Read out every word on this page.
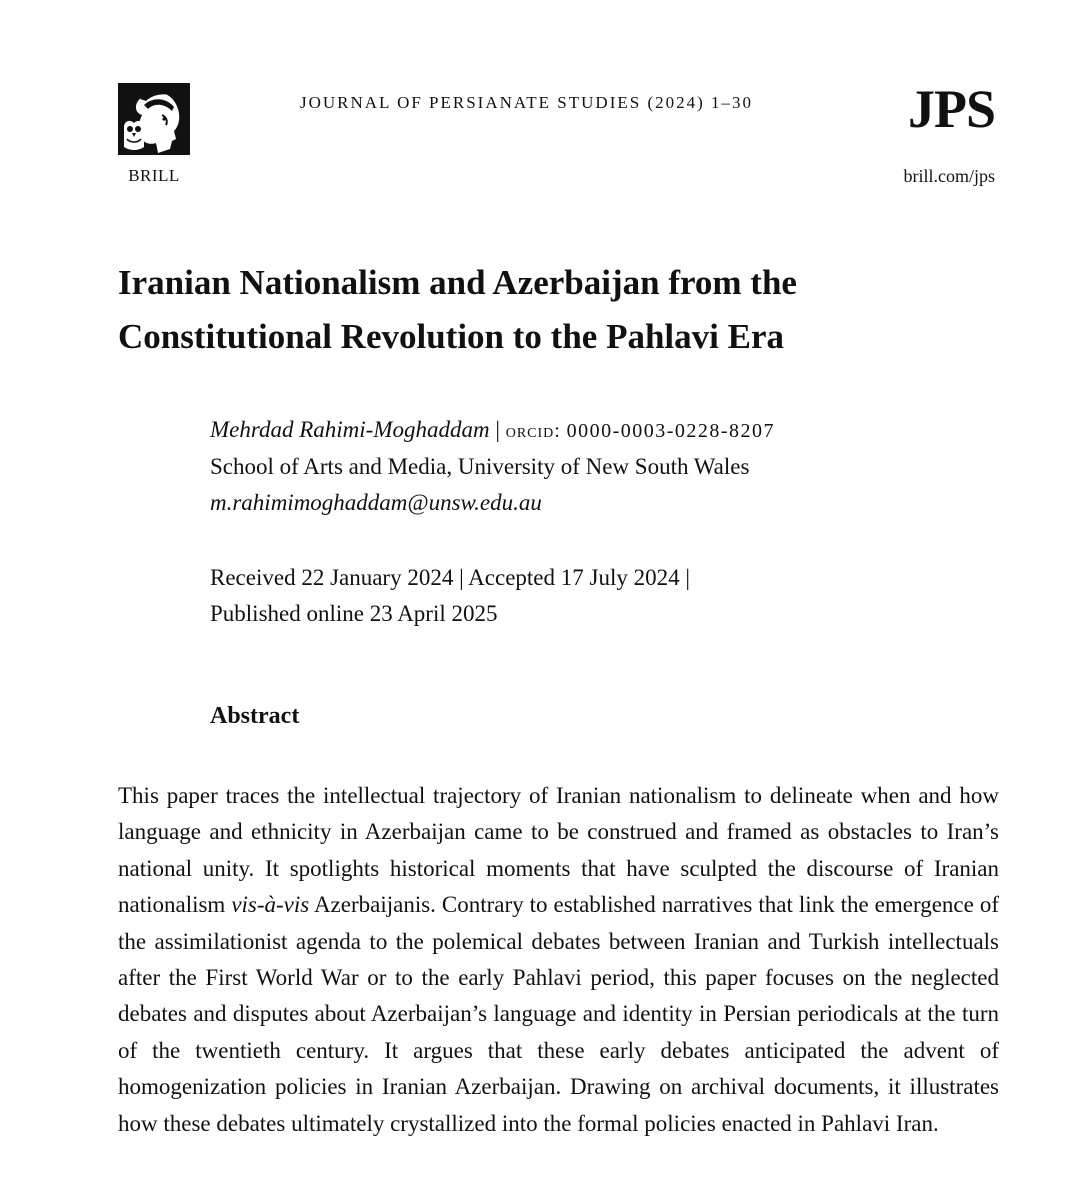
BRILL
JOURNAL OF PERSIANATE STUDIES (2024) 1–30	JPS
brill.com/jps
Iranian Nationalism and Azerbaijan from the
Constitutional Revolution to the Pahlavi Era
Mehrdad Rahimi-Moghaddam | orcid: 0000-0003-0228-8207
School of Arts and Media, University of New South Wales
m.rahimimoghaddam@unsw.edu.au
Received 22 January 2024 | Accepted 17 July 2024 |
Published online 23 April 2025
Abstract

This paper traces the intellectual trajectory of Iranian nationalism to delineate when and how language and ethnicity in Azerbaijan came to be construed and framed as obstacles to Iran’s national unity. It spotlights historical moments that have sculpted the discourse of Iranian nationalism vis-à-vis Azerbaijanis. Contrary to established narratives that link the emergence of the assimilationist agenda to the polemical debates between Iranian and Turkish intellectuals after the First World War or to the early Pahlavi period, this paper focuses on the neglected debates and disputes about Azerbaijan’s language and identity in Persian periodicals at the turn of the twentieth century. It argues that these early debates anticipated the advent of homogenization policies in Iranian Azerbaijan. Drawing on archival documents, it illustrates how these debates ultimately crystallized into the formal policies enacted in Pahlavi Iran.
